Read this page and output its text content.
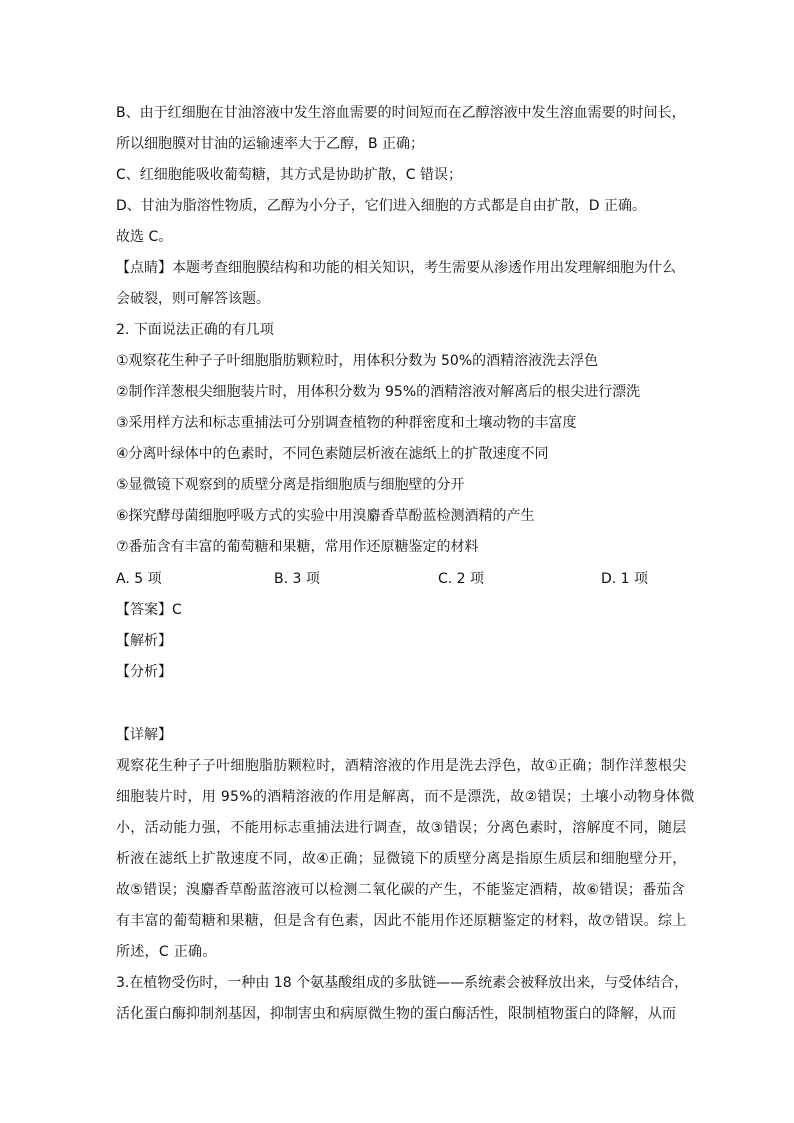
B、由于红细胞在甘油溶液中发生溶血需要的时间短而在乙醇溶液中发生溶血需要的时间长，
所以细胞膜对甘油的运输速率大于乙醇，B 正确；
C、红细胞能吸收葡萄糖，其方式是协助扩散，C 错误；
D、甘油为脂溶性物质，乙醇为小分子，它们进入细胞的方式都是自由扩散，D 正确。
故选 C。
【点睛】本题考查细胞膜结构和功能的相关知识，考生需要从渗透作用出发理解细胞为什么
会破裂，则可解答该题。
2. 下面说法正确的有几项
①观察花生种子子叶细胞脂肪颗粒时，用体积分数为 50%的酒精溶液洗去浮色
②制作洋葱根尖细胞装片时，用体积分数为 95%的酒精溶液对解离后的根尖进行漂洗
③采用样方法和标志重捕法可分别调查植物的种群密度和土壤动物的丰富度
④分离叶绿体中的色素时，不同色素随层析液在滤纸上的扩散速度不同
⑤显微镜下观察到的质壁分离是指细胞质与细胞壁的分开
⑥探究酵母菌细胞呼吸方式的实验中用溴麝香草酚蓝检测酒精的产生
⑦番茄含有丰富的葡萄糖和果糖，常用作还原糖鉴定的材料
A. 5 项	B. 3 项	C. 2 项	D. 1 项
【答案】C
【解析】
【分析】
【详解】
观察花生种子子叶细胞脂肪颗粒时，酒精溶液的作用是洗去浮色，故①正确；制作洋葱根尖
细胞装片时，用 95%的酒精溶液的作用是解离，而不是漂洗，故②错误；土壤小动物身体微
小，活动能力强，不能用标志重捕法进行调查，故③错误；分离色素时，溶解度不同，随层
析液在滤纸上扩散速度不同，故④正确；显微镜下的质壁分离是指原生质层和细胞壁分开，
故⑤错误；溴麝香草酚蓝溶液可以检测二氧化碳的产生，不能鉴定酒精，故⑥错误；番茄含
有丰富的葡萄糖和果糖，但是含有色素，因此不能用作还原糖鉴定的材料，故⑦错误。综上
所述，C 正确。
3.在植物受伤时，一种由 18 个氨基酸组成的多肽链——系统素会被释放出来，与受体结合，
活化蛋白酶抑制剂基因，抑制害虫和病原微生物的蛋白酶活性，限制植物蛋白的降解，从而
